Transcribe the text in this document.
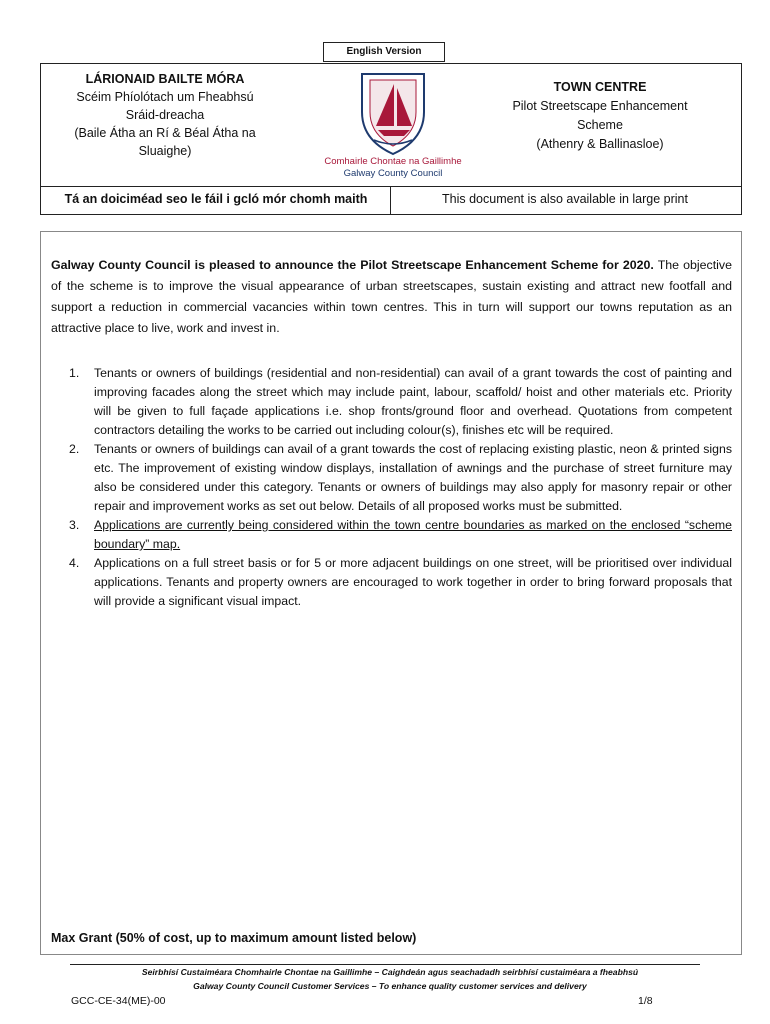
English Version
LÁRIONAID BAILTE MÓRA
Scéim Phíolótach um Fheabhsú
Sráid-dreacha
(Baile Átha an Rí & Béal Átha na
Sluaighe)
Comhairle Chontae na Gaillimhe
Galway County Council
TOWN CENTRE
Pilot Streetscape Enhancement
Scheme
(Athenry & Ballinasloe)
Tá an doiciméad seo le fáil i gcló mór chomh maith	This document is also available in large print
Galway County Council is pleased to announce the Pilot Streetscape Enhancement Scheme for 2020. The objective of the scheme is to improve the visual appearance of urban streetscapes, sustain existing and attract new footfall and support a reduction in commercial vacancies within town centres. This in turn will support our towns reputation as an attractive place to live, work and invest in.
1. Tenants or owners of buildings (residential and non-residential) can avail of a grant towards the cost of painting and improving facades along the street which may include paint, labour, scaffold/ hoist and other materials etc. Priority will be given to full façade applications i.e. shop fronts/ground floor and overhead. Quotations from competent contractors detailing the works to be carried out including colour(s), finishes etc will be required.
2. Tenants or owners of buildings can avail of a grant towards the cost of replacing existing plastic, neon & printed signs etc. The improvement of existing window displays, installation of awnings and the purchase of street furniture may also be considered under this category. Tenants or owners of buildings may also apply for masonry repair or other repair and improvement works as set out below. Details of all proposed works must be submitted.
3. Applications are currently being considered within the town centre boundaries as marked on the enclosed “scheme boundary” map.
4. Applications on a full street basis or for 5 or more adjacent buildings on one street, will be prioritised over individual applications. Tenants and property owners are encouraged to work together in order to bring forward proposals that will provide a significant visual impact.
Max Grant (50% of cost, up to maximum amount listed below)
Seirbhísí Custaiméara Chomhairle Chontae na Gaillimhe – Caighdeán agus seachadadh seirbhísí custaiméara a fheabhsú
Galway County Council Customer Services – To enhance quality customer services and delivery
GCC-CE-34(ME)-00	1/8
